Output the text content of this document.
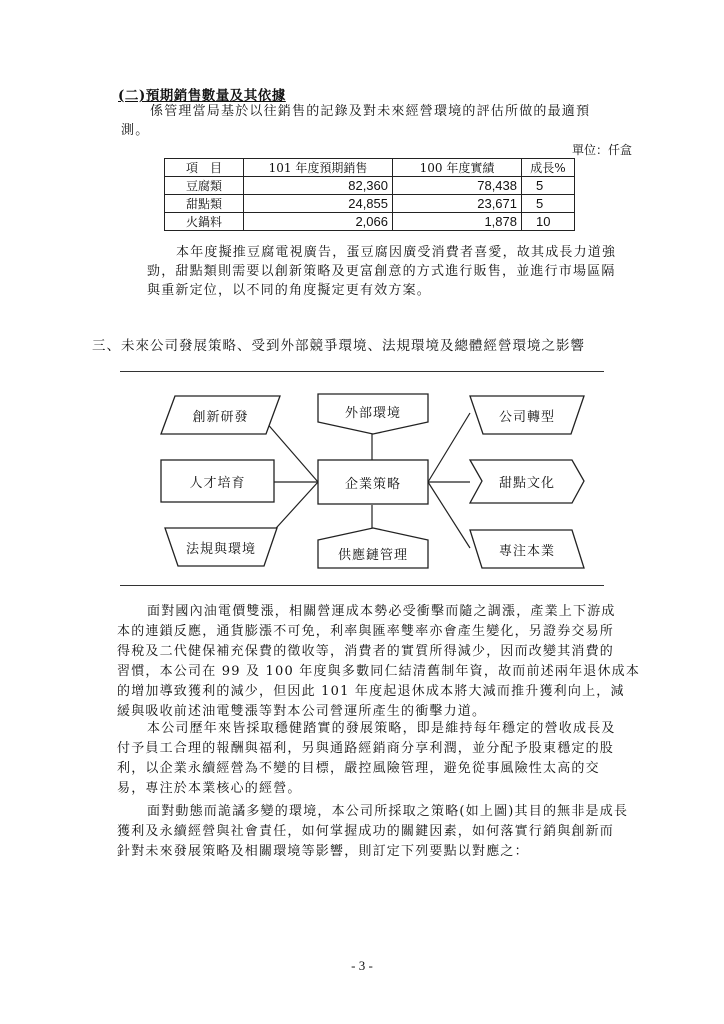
(二)預期銷售數量及其依據
係管理當局基於以往銷售的記錄及對未來經營環境的評估所做的最適預
測。
單位：仟盒
項　目	101 年度預期銷售	100 年度實績	成長%
豆腐類	82,360	78,438	5
甜點類	24,855	23,671	5
火鍋料	2,066	1,878	10
本年度擬推豆腐電視廣告，蛋豆腐因廣受消費者喜愛，故其成長力道強
勁，甜點類則需要以創新策略及更富創意的方式進行販售，並進行市場區隔
與重新定位，以不同的角度擬定更有效方案。
三、未來公司發展策略、受到外部競爭環境、法規環境及總體經營環境之影響
創新研發	外部環境	公司轉型
人才培育	企業策略	甜點文化
法規與環境	供應鏈管理	專注本業
面對國內油電價雙漲，相關營運成本勢必受衝擊而隨之調漲，產業上下游成
本的連鎖反應，通貨膨漲不可免，利率與匯率雙率亦會產生變化，另證券交易所
得稅及二代健保補充保費的徵收等，消費者的實質所得減少，因而改變其消費的
習慣，本公司在 99 及 100 年度與多數同仁結清舊制年資，故而前述兩年退休成本
的增加導致獲利的減少，但因此 101 年度起退休成本將大減而推升獲利向上，減
緩與吸收前述油電雙漲等對本公司營運所產生的衝擊力道。
本公司歷年來皆採取穩健踏實的發展策略，即是維持每年穩定的營收成長及
付予員工合理的報酬與福利，另與通路經銷商分享利潤，並分配予股東穩定的股
利，以企業永續經營為不變的目標，嚴控風險管理，避免從事風險性太高的交
易，專注於本業核心的經營。
面對動態而詭譎多變的環境，本公司所採取之策略(如上圖)其目的無非是成長
獲利及永續經營與社會責任，如何掌握成功的關鍵因素，如何落實行銷與創新而
針對未來發展策略及相關環境等影響，則訂定下列要點以對應之：
- 3 -
